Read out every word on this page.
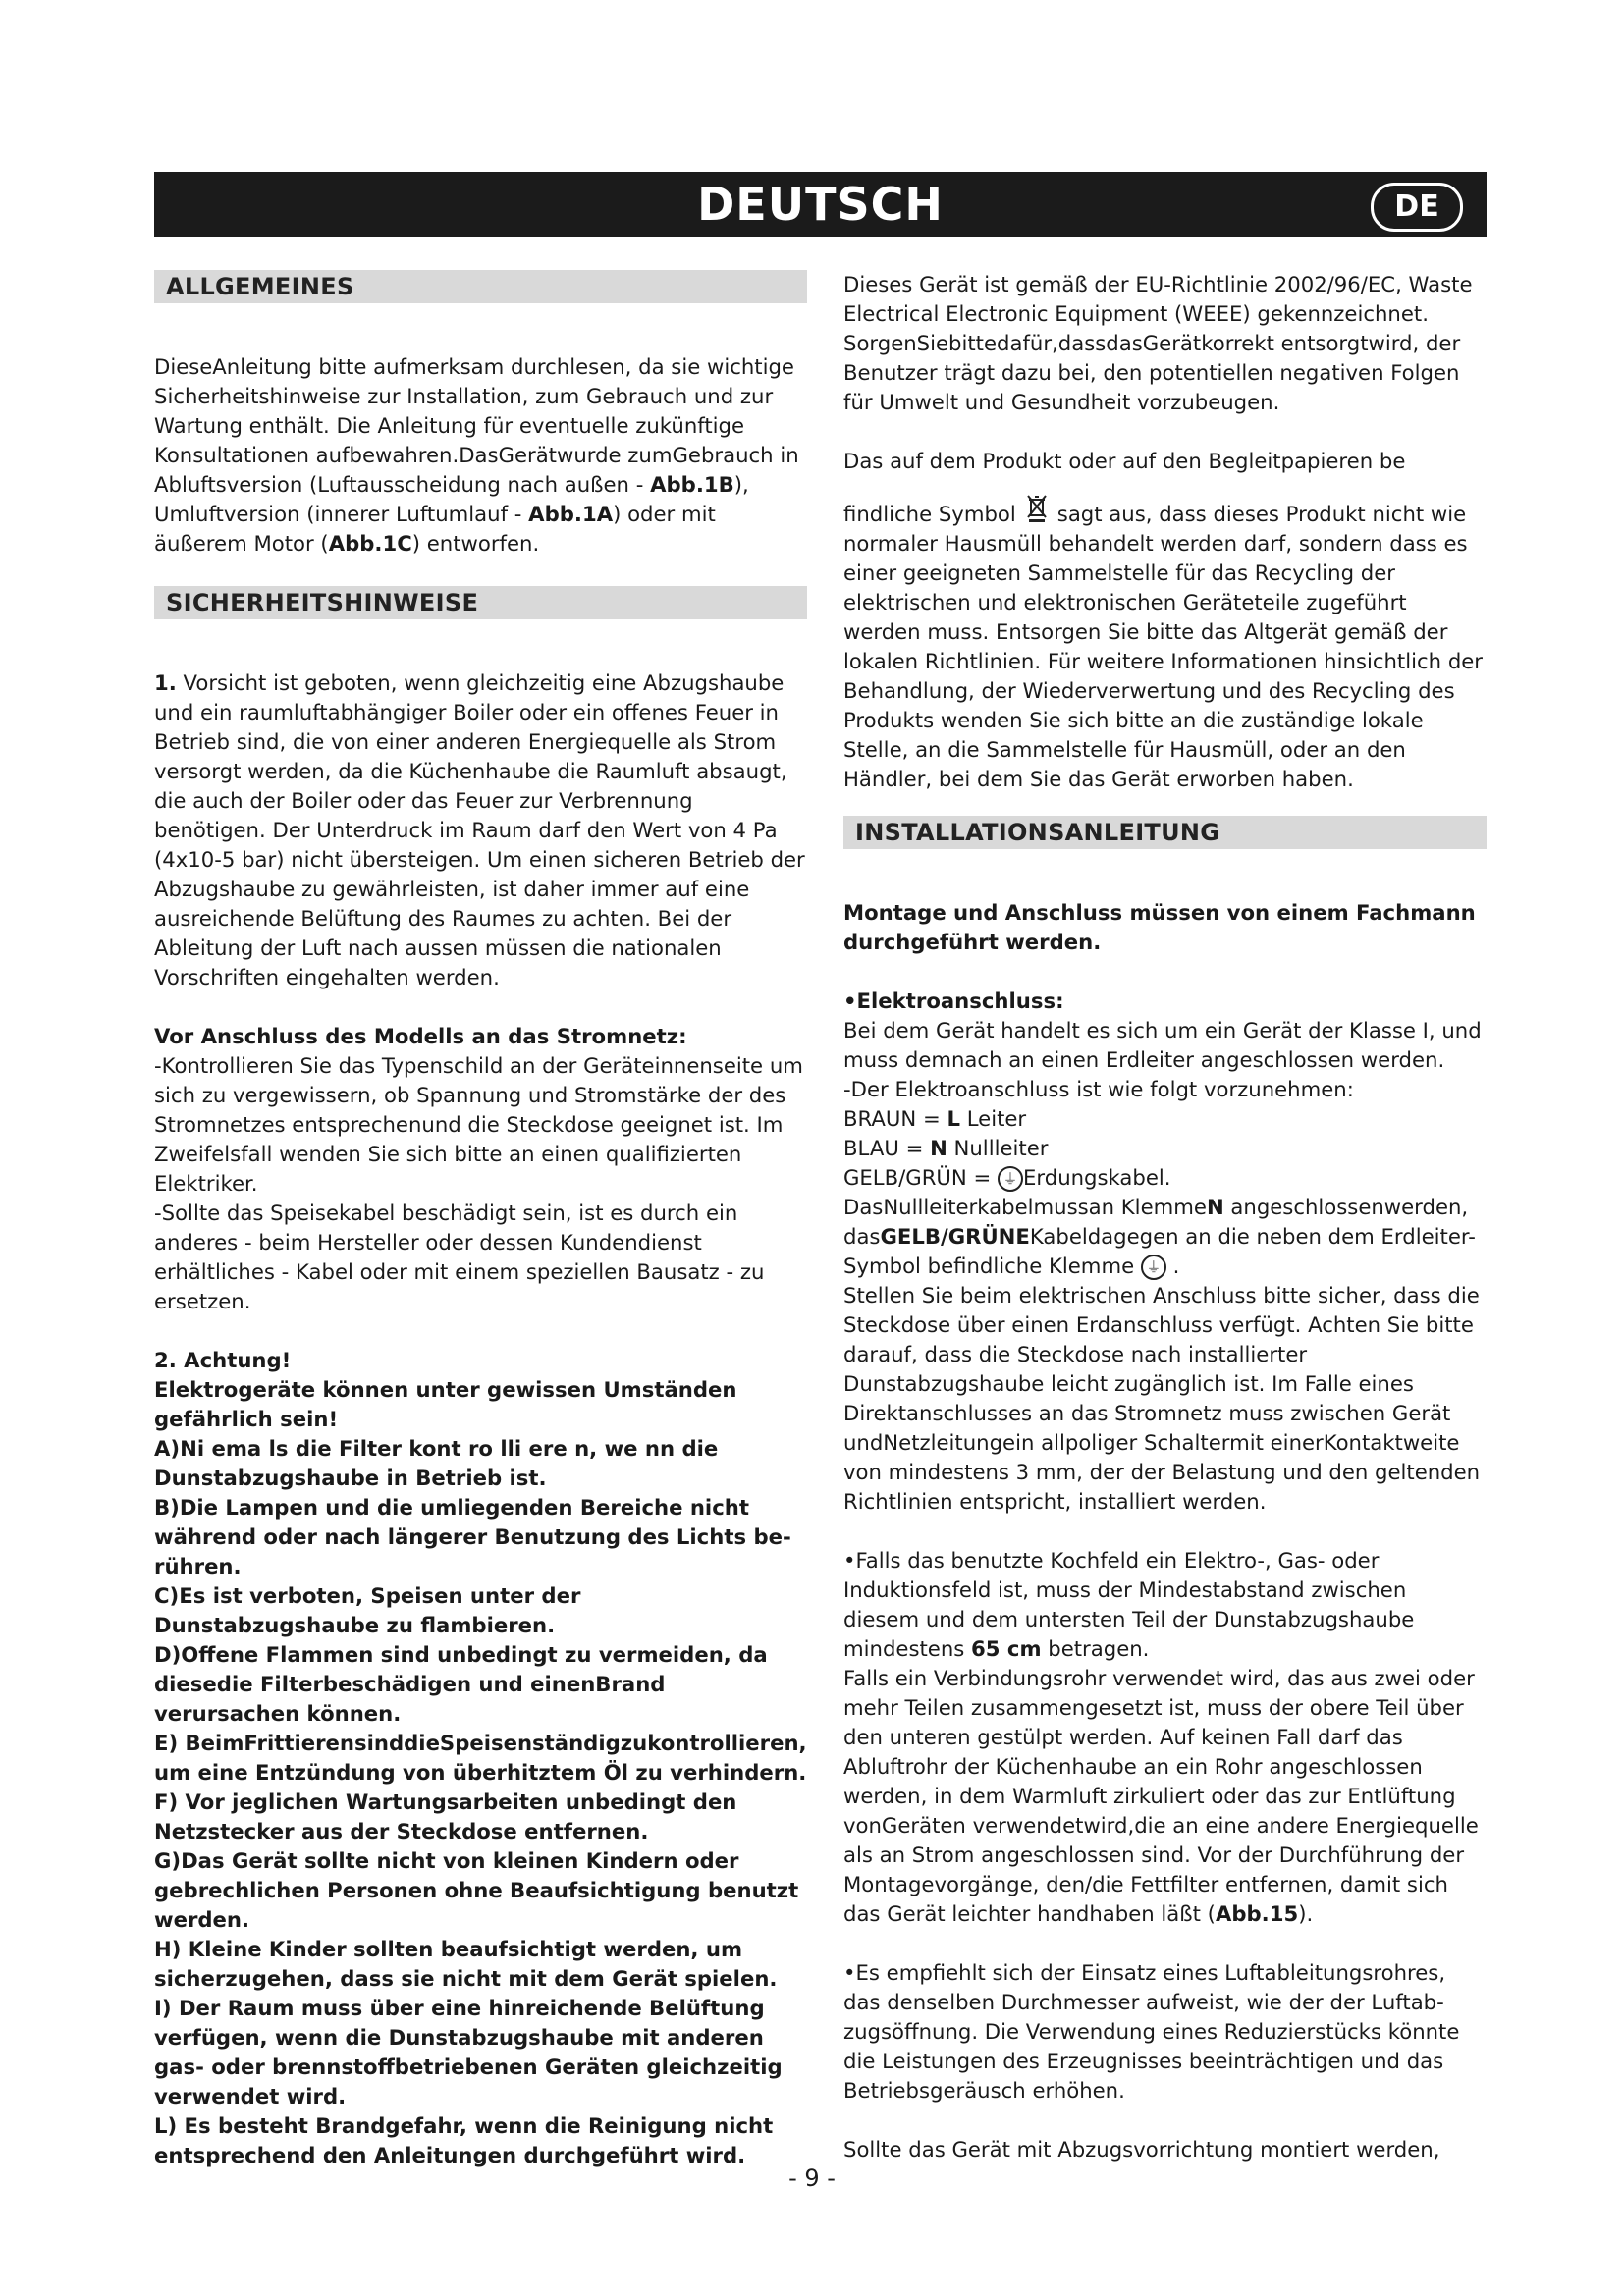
DEUTSCH	DE
ALLGEMEINES

DieseAnleitung bitte aufmerksam durchlesen, da sie wichtige Sicherheitshinweise zur Installation, zum Gebrauch und zur Wartung enthält. Die Anleitung für eventuelle zukünftige Konsultationen aufbewahren.DasGerätwurde zumGebrauch in Abluftsversion (Luftausscheidung nach außen - Abb.1B), Umluftversion (innerer Luftumlauf - Abb.1A) oder mit äußerem Motor (Abb.1C) entworfen.

SICHERHEITSHINWEISE

1. Vorsicht ist geboten, wenn gleichzeitig eine Abzugshaube und ein raumluftabhängiger Boiler oder ein offenes Feuer in Betrieb sind, die von einer anderen Energiequelle als Strom versorgt werden, da die Küchenhaube die Raumluft absaugt, die auch der Boiler oder das Feuer zur Verbrennung benötigen. Der Unterdruck im Raum darf den Wert von 4 Pa (4x10-5 bar) nicht übersteigen. Um einen sicheren Betrieb der Abzugshaube zu gewährleisten, ist daher immer auf eine ausreichende Belüftung des Raumes zu achten. Bei der Ableitung der Luft nach aussen müssen die nationalen Vorschriften eingehalten werden.

Vor Anschluss des Modells an das Stromnetz:

-Kontrollieren Sie das Typenschild an der Geräteinnenseite um sich zu vergewissern, ob Spannung und Stromstärke der des Stromnetzes entsprechenund die Steckdose geeignet ist. Im Zweifelsfall wenden Sie sich bitte an einen qualifizierten Elektriker.

-Sollte das Speisekabel beschädigt sein, ist es durch ein anderes - beim Hersteller oder dessen Kundendienst erhältliches - Kabel oder mit einem speziellen Bausatz - zu ersetzen.

2. Achtung!

Elektrogeräte können unter gewissen Umständen gefährlich sein!

A)Ni ema ls die Filter kont ro lli ere n, we nn die Dunstabzugshaube in Betrieb ist.

B)Die Lampen und die umliegenden Bereiche nicht während oder nach längerer Benutzung des Lichts be-rühren.

C)Es ist verboten, Speisen unter der Dunstabzugshaube zu flambieren.

D)Offene Flammen sind unbedingt zu vermeiden, da diesedie Filterbeschädigen und einenBrand verursachen können.

E) BeimFrittierensinddieSpeisenständigzukontrollieren, um eine Entzündung von überhitztem Öl zu verhindern.

F) Vor jeglichen Wartungsarbeiten unbedingt den Netzstecker aus der Steckdose entfernen.

G)Das Gerät sollte nicht von kleinen Kindern oder gebrechlichen Personen ohne Beaufsichtigung benutzt werden.

H) Kleine Kinder sollten beaufsichtigt werden, um sicherzugehen, dass sie nicht mit dem Gerät spielen.

I) Der Raum muss über eine hinreichende Belüftung verfügen, wenn die Dunstabzugshaube mit anderen gas- oder brennstoffbetriebenen Geräten gleichzeitig verwendet wird.

L) Es besteht Brandgefahr, wenn die Reinigung nicht entsprechend den Anleitungen durchgeführt wird.

Dieses Gerät ist gemäß der EU-Richtlinie 2002/96/EC, Waste Electrical Electronic Equipment (WEEE) gekennzeichnet. SorgenSiebittedafür,dassdasGerätkorrekt entsorgtwird, der Benutzer trägt dazu bei, den potentiellen negativen Folgen für Umwelt und Gesundheit vorzubeugen.

Das auf dem Produkt oder auf den Begleitpapieren be

findliche Symbol sagt aus, dass dieses Produkt nicht wie normaler Hausmüll behandelt werden darf, sondern dass es einer geeigneten Sammelstelle für das Recycling der elektrischen und elektronischen Geräteteile zugeführt werden muss. Entsorgen Sie bitte das Altgerät gemäß der lokalen Richtlinien. Für weitere Informationen hinsichtlich der Behandlung, der Wiederverwertung und des Recycling des Produkts wenden Sie sich bitte an die zuständige lokale Stelle, an die Sammelstelle für Hausmüll, oder an den Händler, bei dem Sie das Gerät erworben haben.

INSTALLATIONSANLEITUNG

Montage und Anschluss müssen von einem Fachmann durchgeführt werden.

•Elektroanschluss:

Bei dem Gerät handelt es sich um ein Gerät der Klasse I, und muss demnach an einen Erdleiter angeschlossen werden.

-Der Elektroanschluss ist wie folgt vorzunehmen:

BRAUN = L Leiter

BLAU = N Nullleiter

GELB/GRÜN = ⏚ Erdungskabel.

DasNullleiterkabelmussan KlemmeN angeschlossenwerden, dasGELB/GRÜNEKabeldagegen an die neben dem Erdleiter-Symbol befindliche Klemme ⏚ .

Stellen Sie beim elektrischen Anschluss bitte sicher, dass die Steckdose über einen Erdanschluss verfügt. Achten Sie bitte darauf, dass die Steckdose nach installierter Dunstabzugshaube leicht zugänglich ist. Im Falle eines Direktanschlusses an das Stromnetz muss zwischen Gerät undNetzleitungein allpoliger Schaltermit einerKontaktweite von mindestens 3 mm, der der Belastung und den geltenden Richtlinien entspricht, installiert werden.

•Falls das benutzte Kochfeld ein Elektro-, Gas- oder Induktionsfeld ist, muss der Mindestabstand zwischen diesem und dem untersten Teil der Dunstabzugshaube mindestens 65 cm betragen.

Falls ein Verbindungsrohr verwendet wird, das aus zwei oder mehr Teilen zusammengesetzt ist, muss der obere Teil über den unteren gestülpt werden. Auf keinen Fall darf das Abluftrohr der Küchenhaube an ein Rohr angeschlossen werden, in dem Warmluft zirkuliert oder das zur Entlüftung vonGeräten verwendetwird,die an eine andere Energiequelle als an Strom angeschlossen sind. Vor der Durchführung der Montagevorgänge, den/die Fettfilter entfernen, damit sich das Gerät leichter handhaben läßt (Abb.15).

•Es empfiehlt sich der Einsatz eines Luftableitungsrohres, das denselben Durchmesser aufweist, wie der der Luftab-zugsöffnung. Die Verwendung eines Reduzierstücks könnte die Leistungen des Erzeugnisses beeinträchtigen und das Betriebsgeräusch erhöhen.

Sollte das Gerät mit Abzugsvorrichtung montiert werden,

- 9 -
